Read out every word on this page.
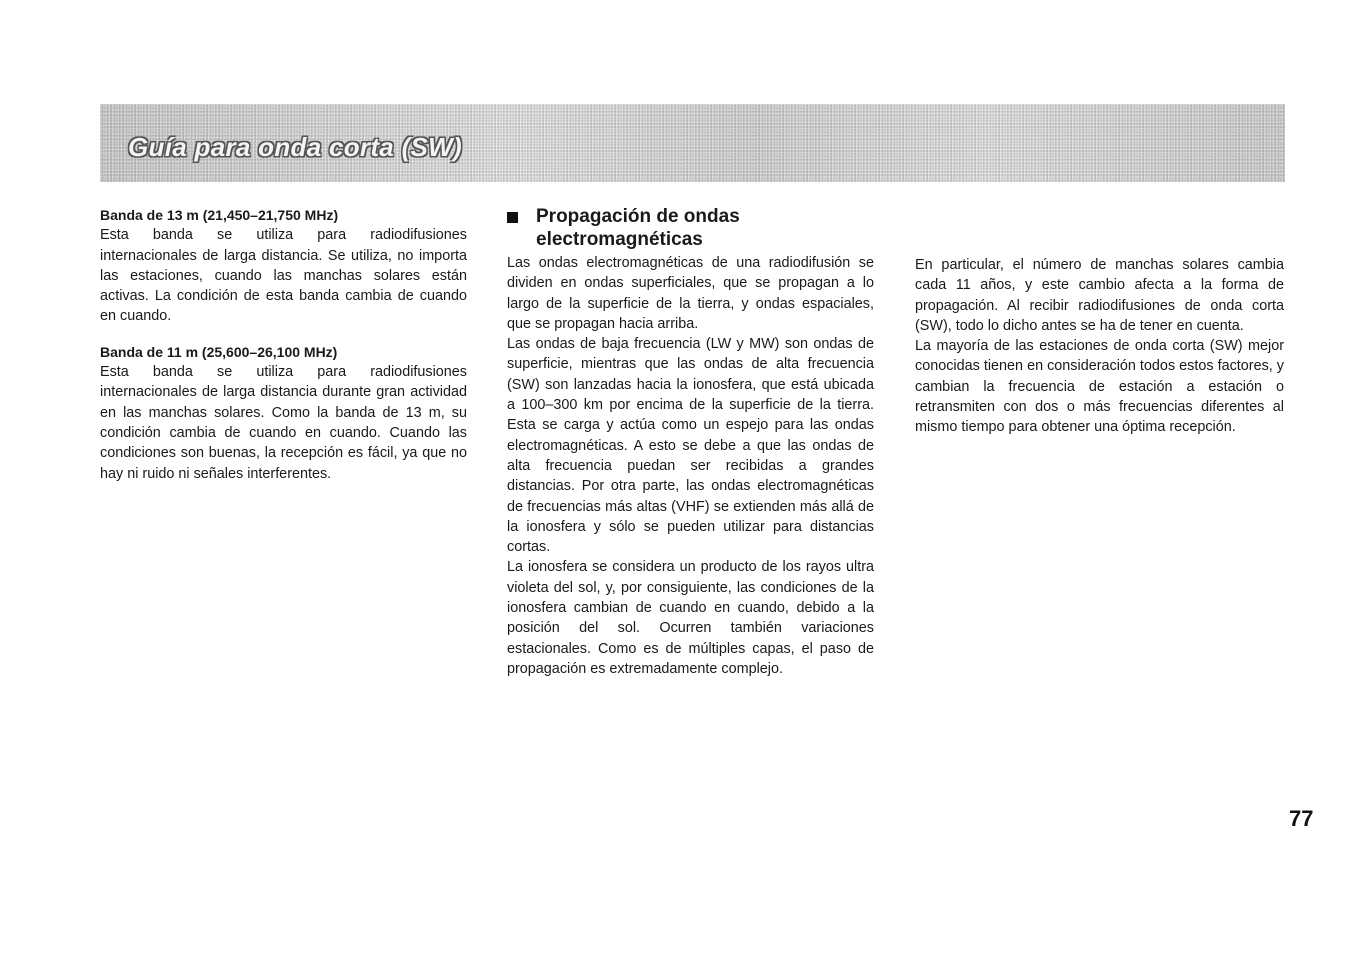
Guía para onda corta (SW)

Banda de 13 m (21,450–21,750 MHz)

Esta banda se utiliza para radiodifusiones internacionales de larga distancia. Se utiliza, no importa las estaciones, cuando las manchas solares están activas. La condición de esta banda cambia de cuando en cuando.

Banda de 11 m (25,600–26,100 MHz)

Esta banda se utiliza para radiodifusiones internacionales de larga distancia durante gran actividad en las manchas solares. Como la banda de 13 m, su condición cambia de cuando en cuando. Cuando las condiciones son buenas, la recepción es fácil, ya que no hay ni ruido ni señales interferentes.

Propagación de ondas electromagnéticas

Las ondas electromagnéticas de una radiodifusión se dividen en ondas superficiales, que se propagan a lo largo de la superficie de la tierra, y ondas espaciales, que se propagan hacia arriba.

Las ondas de baja frecuencia (LW y MW) son ondas de superficie, mientras que las ondas de alta frecuencia (SW) son lanzadas hacia la ionosfera, que está ubicada a 100–300 km por encima de la superficie de la tierra. Esta se carga y actúa como un espejo para las ondas electromagnéticas. A esto se debe a que las ondas de alta frecuencia puedan ser recibidas a grandes distancias. Por otra parte, las ondas electromagnéticas de frecuencias más altas (VHF) se extienden más allá de la ionosfera y sólo se pueden utilizar para distancias cortas.

La ionosfera se considera un producto de los rayos ultra violeta del sol, y, por consiguiente, las condiciones de la ionosfera cambian de cuando en cuando, debido a la posición del sol. Ocurren también variaciones estacionales. Como es de múltiples capas, el paso de propagación es extremadamente complejo.

En particular, el número de manchas solares cambia cada 11 años, y este cambio afecta a la forma de propagación. Al recibir radiodifusiones de onda corta (SW), todo lo dicho antes se ha de tener en cuenta.

La mayoría de las estaciones de onda corta (SW) mejor conocidas tienen en consideración todos estos factores, y cambian la frecuencia de estación a estación o retransmiten con dos o más frecuencias diferentes al mismo tiempo para obtener una óptima recepción.

77
